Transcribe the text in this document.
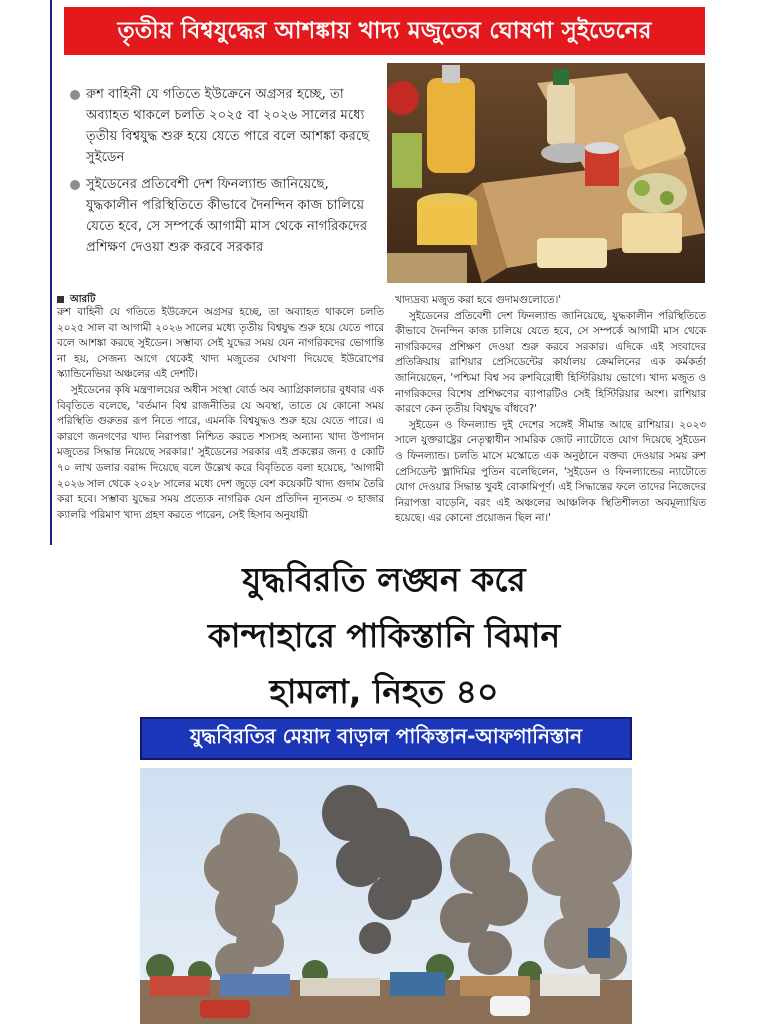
তৃতীয় বিশ্বযুদ্ধের আশঙ্কায় খাদ্য মজুতের ঘোষণা সুইডেনের
রুশ বাহিনী যে গতিতে ইউক্রেনে অগ্রসর হচ্ছে, তা অব্যাহত থাকলে চলতি ২০২৫ বা ২০২৬ সালের মধ্যে তৃতীয় বিশ্বযুদ্ধ শুরু হয়ে যেতে পারে বলে আশঙ্কা করছে সুইডেন
সুইডেনের প্রতিবেশী দেশ ফিনল্যান্ড জানিয়েছে, যুদ্ধকালীন পরিস্থিতিতে কীভাবে দৈনন্দিন কাজ চালিয়ে যেতে হবে, সে সম্পর্কে আগামী মাস থেকে নাগরিকদের প্রশিক্ষণ দেওয়া শুরু করবে সরকার
আরটি

রুশ বাহিনী যে গতিতে ইউক্রেনে অগ্রসর হচ্ছে, তা অব্যাহত থাকলে চলতি ২০২৫ সাল বা আগামী ২০২৬ সালের মধ্যে তৃতীয় বিশ্বযুদ্ধ শুরু হয়ে যেতে পারে বলে আশঙ্কা করছে সুইডেন। সম্ভাব্য সেই যুদ্ধের সময় যেন নাগরিকদের ভোগান্তি না হয়, সেজন্য আগে থেকেই খাদ্য মজুতের ঘোষণা দিয়েছে ইউরোপের স্ক্যান্ডিনেভিয়া অঞ্চলের এই দেশটি।

সুইডেনের কৃষি মন্ত্রণালয়ের অধীন সংস্থা বোর্ড অব অ্যাগ্রিকালচার বুধবার এক বিবৃতিতে বলেছে, 'বর্তমান বিশ্ব রাজনীতির যে অবস্থা, তাতে যে কোনো সময় পরিস্থিতি গুরুতর রূপ নিতে পারে, এমনকি বিশ্বযুদ্ধও শুরু হয়ে যেতে পারে। এ কারণে জনগণের খাদ্য নিরাপত্তা নিশ্চিত করতে শস্যসহ অন্যান্য খাদ্য উপাদান মজুতের সিদ্ধান্ত নিয়েছে সরকার।' সুইডেনের সরকার এই প্রকল্পের জন্য ৫ কোটি ৭০ লাখ ডলার বরাদ্দ দিয়েছে বলে উল্লেখ করে বিবৃতিতে বলা হয়েছে, 'আগামী ২০২৬ সাল থেকে ২০২৮ সালের মধ্যে দেশ জুড়ে বেশ কয়েকটি খাদ্য গুদাম তৈরি করা হবে। সম্ভাব্য যুদ্ধের সময় প্রত্যেক নাগরিক যেন প্রতিদিন ন্যূনতম ৩ হাজার ক্যালরি পরিমাণ খাদ্য গ্রহণ করতে পারেন, সেই হিসাব অনুযায়ী

খাদ্যদ্রব্য মজুত করা হবে গুদামগুলোতে।'

সুইডেনের প্রতিবেশী দেশ ফিনল্যান্ড জানিয়েছে, যুদ্ধকালীন পরিস্থিতিতে কীভাবে দৈনন্দিন কাজ চালিয়ে যেতে হবে, সে সম্পর্কে আগামী মাস থেকে নাগরিকদের প্রশিক্ষণ দেওয়া শুরু করবে সরকার। এদিকে এই সংবাদের প্রতিক্রিয়ায় রাশিয়ার প্রেসিডেন্টের কার্যালয় ক্রেমলিনের এক কর্মকর্তা জানিয়েছেন, 'পশ্চিমা বিশ্ব সব রুশবিরোধী হিস্টিরিয়ায় ভোগে। খাদ্য মজুত ও নাগরিকদের বিশেষ প্রশিক্ষণের ব্যাপারটিও সেই হিস্টিরিয়ার অংশ। রাশিয়ার কারণে কেন তৃতীয় বিশ্বযুদ্ধ বাঁধবে?'

সুইডেন ও ফিনল্যান্ড দুই দেশের সঙ্গেই সীমান্ত আছে রাশিয়ার। ২০২৩ সালে যুক্তরাষ্ট্রের নেতৃত্বাধীন সামরিক জোট ন্যাটোতে যোগ দিয়েছে সুইডেন ও ফিনল্যান্ড। চলতি মাসে মস্কোতে এক অনুষ্ঠানে বক্তব্য দেওয়ার সময় রুশ প্রেসিডেন্ট ভ্লাদিমির পুতিন বলেছিলেন, 'সুইডেন ও ফিনল্যান্ডের ন্যাটোতে যোগ দেওয়ার সিদ্ধান্ত খুবই বোকামিপূর্ণ। এই সিদ্ধান্তের ফলে তাদের নিজেদের নিরাপত্তা বাড়েনি, বরং এই অঞ্চলের আঞ্চলিক স্থিতিশীলতা অবমূল্যায়িত হয়েছে। এর কোনো প্রয়োজন ছিল না।'

যুদ্ধবিরতি লঙ্ঘন করে
কান্দাহারে পাকিস্তানি বিমান
হামলা, নিহত ৪০
যুদ্ধবিরতির মেয়াদ বাড়াল পাকিস্তান-আফগানিস্তান
